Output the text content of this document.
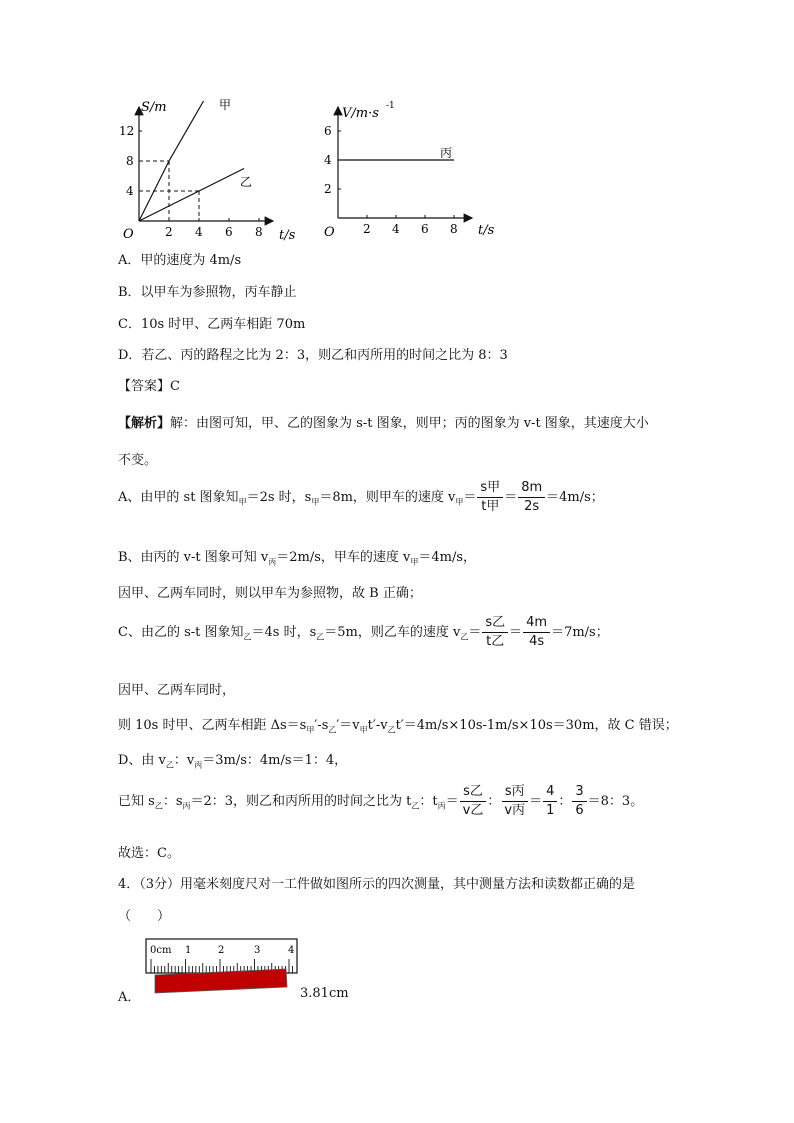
2 4 6 8
4
8
12
S/m
t/s
O
甲
乙
2 4 6 8
2
4
6
V/m·s -1
t/s
O
丙
A．甲的速度为 4m/s
B．以甲车为参照物，丙车静止
C．10s 时甲、乙两车相距 70m
D．若乙、丙的路程之比为 2：3，则乙和丙所用的时间之比为 8：3
【答案】C
【解析】解：由图可知，甲、乙的图象为 s-t 图象，则甲；丙的图象为 v-t 图象，其速度大小
不变。
A、由甲的 st 图象知$_甲$＝2s 时，$s_甲=8m$，则甲车的速度 $v_甲= \frac{\text{s甲}}{\text{t甲}} = \frac{8m}{2s} =4m/s$；
B、由丙的 v-t 图象可知 $v_丙=2m/s$，甲车的速度 $v_甲=4m/s$，
因甲、乙两车同时，则以甲车为参照物，故 B 正确；
C、由乙的 s-t 图象知$_乙$＝4s 时，$s_乙=5m$，则乙车的速度 $v_乙= \frac{\text{s乙}}{\text{t乙}} = \frac{4m}{4s} =7m/s$；
因甲、乙两车同时，
则 10s 时甲、乙两车相距 $\Delta s=s_甲'-s_乙'=v_甲t'-v_乙t'=4m/s\times 10s-1m/s\times 10s=30m$，故 C 错误；
D、由 $v_乙$：$v_丙=3m/s$：4m/s＝1：4，
已知 $s_乙$：$s_丙=2$：3，则乙和丙所用的时间之比为 $t_乙$：$t_丙= \frac{\text{s乙}}{\text{v乙}}$ ： $\frac{\text{s丙}}{\text{v丙}} = \frac{4}{1}$ ： $\frac{3}{6} =8$：3。
故选：C。
4．（3分）用毫米刻度尺对一工件做如图所示的四次测量，其中测量方法和读数都正确的是
（　　）
0cm 1	2	3	4
A．	3.81cm
